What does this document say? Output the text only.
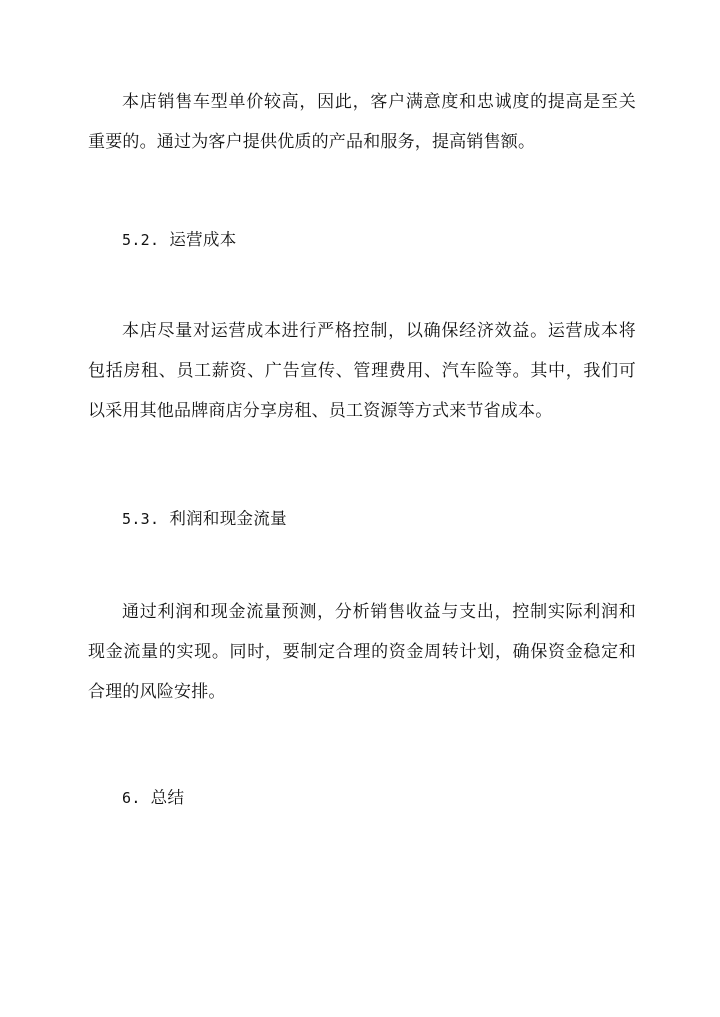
本店销售车型单价较高，因此，客户满意度和忠诚度的提高是至关重要的。通过为客户提供优质的产品和服务，提高销售额。

5.2. 运营成本

本店尽量对运营成本进行严格控制，以确保经济效益。运营成本将包括房租、员工薪资、广告宣传、管理费用、汽车险等。其中，我们可以采用其他品牌商店分享房租、员工资源等方式来节省成本。

5.3. 利润和现金流量

通过利润和现金流量预测，分析销售收益与支出，控制实际利润和现金流量的实现。同时，要制定合理的资金周转计划，确保资金稳定和合理的风险安排。

6. 总结
